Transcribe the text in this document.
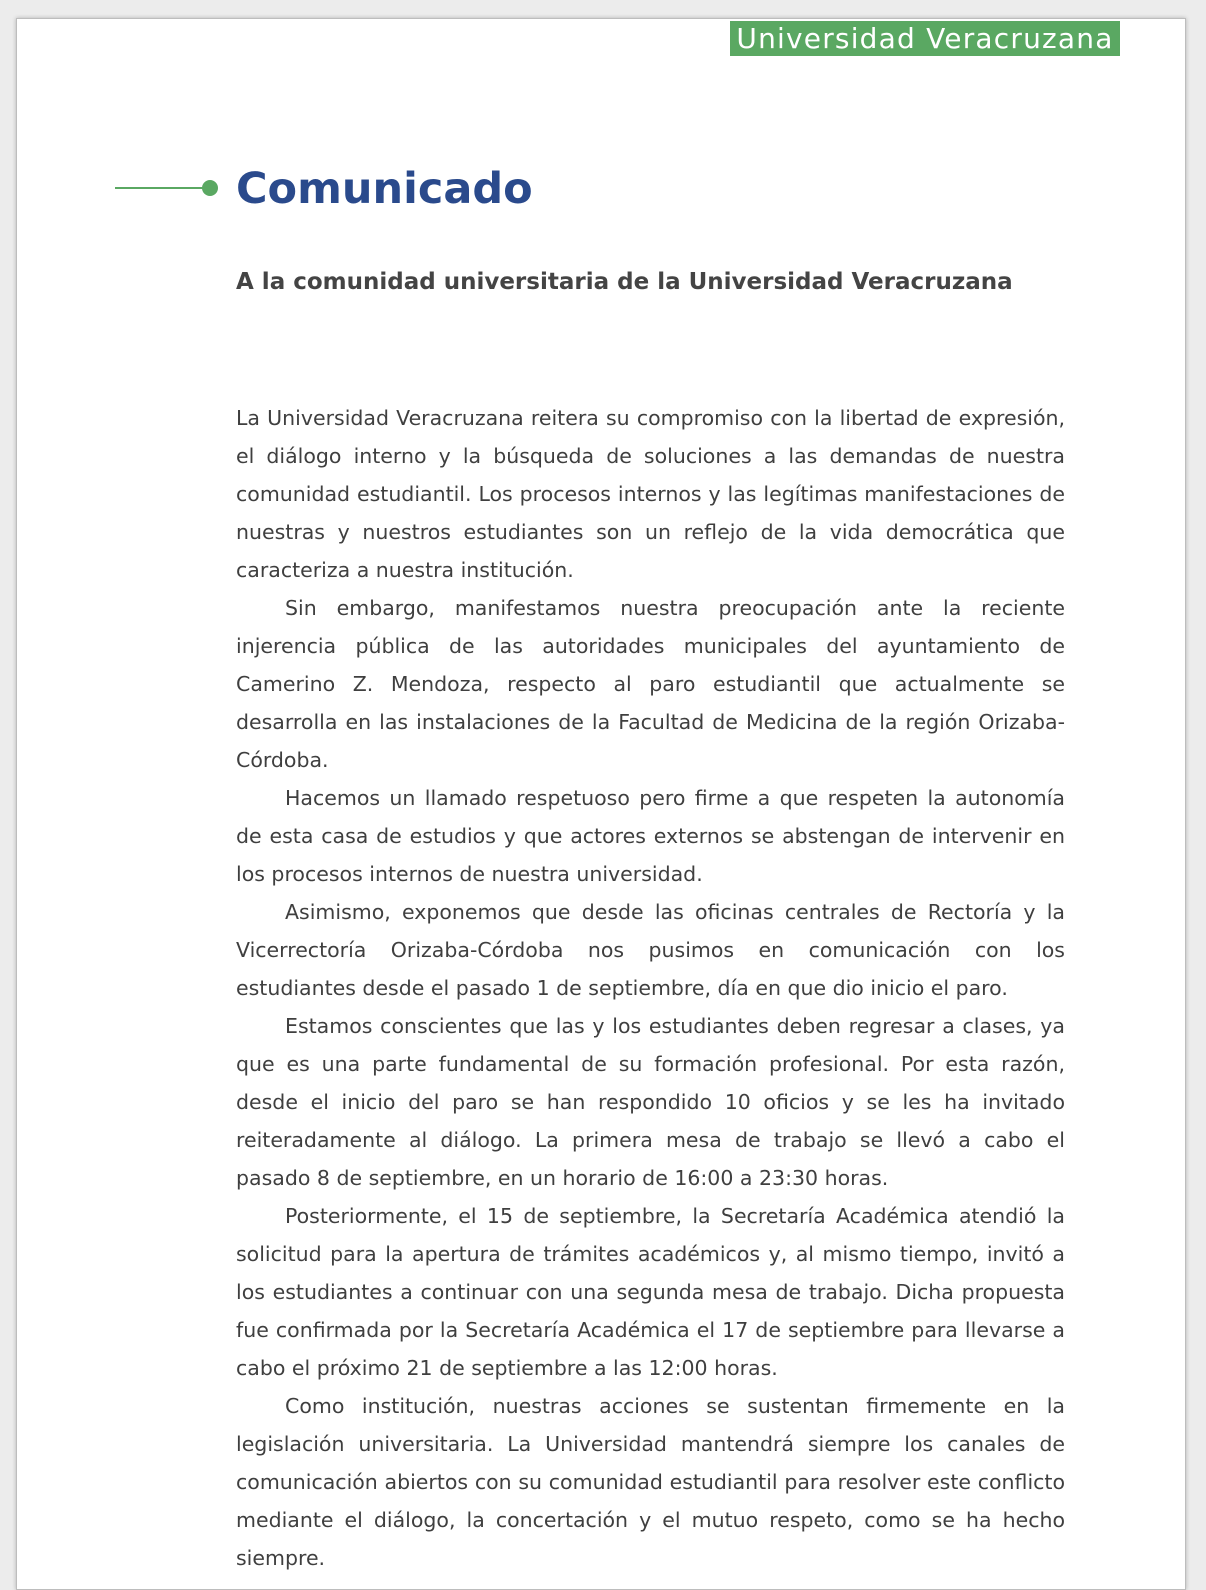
Universidad Veracruzana
Comunicado
A la comunidad universitaria de la Universidad Veracruzana

La Universidad Veracruzana reitera su compromiso con la libertad de expresión, el diálogo interno y la búsqueda de soluciones a las demandas de nuestra comunidad estudiantil. Los procesos internos y las legítimas manifestaciones de nuestras y nuestros estudiantes son un reflejo de la vida democrática que caracteriza a nuestra institución.

Sin embargo, manifestamos nuestra preocupación ante la reciente injerencia pública de las autoridades municipales del ayuntamiento de Camerino Z. Mendoza, respecto al paro estudiantil que actualmente se desarrolla en las instalaciones de la Facultad de Medicina de la región Orizaba-Córdoba.

Hacemos un llamado respetuoso pero firme a que respeten la autonomía de esta casa de estudios y que actores externos se abstengan de intervenir en los procesos internos de nuestra universidad.

Asimismo, exponemos que desde las oficinas centrales de Rectoría y la Vicerrectoría Orizaba-Córdoba nos pusimos en comunicación con los estudiantes desde el pasado 1 de septiembre, día en que dio inicio el paro.

Estamos conscientes que las y los estudiantes deben regresar a clases, ya que es una parte fundamental de su formación profesional. Por esta razón, desde el inicio del paro se han respondido 10 oficios y se les ha invitado reiteradamente al diálogo. La primera mesa de trabajo se llevó a cabo el pasado 8 de septiembre, en un horario de 16:00 a 23:30 horas.

Posteriormente, el 15 de septiembre, la Secretaría Académica atendió la solicitud para la apertura de trámites académicos y, al mismo tiempo, invitó a los estudiantes a continuar con una segunda mesa de trabajo. Dicha propuesta fue confirmada por la Secretaría Académica el 17 de septiembre para llevarse a cabo el próximo 21 de septiembre a las 12:00 horas.

Como institución, nuestras acciones se sustentan firmemente en la legislación universitaria. La Universidad mantendrá siempre los canales de comunicación abiertos con su comunidad estudiantil para resolver este conflicto mediante el diálogo, la concertación y el mutuo respeto, como se ha hecho siempre.
